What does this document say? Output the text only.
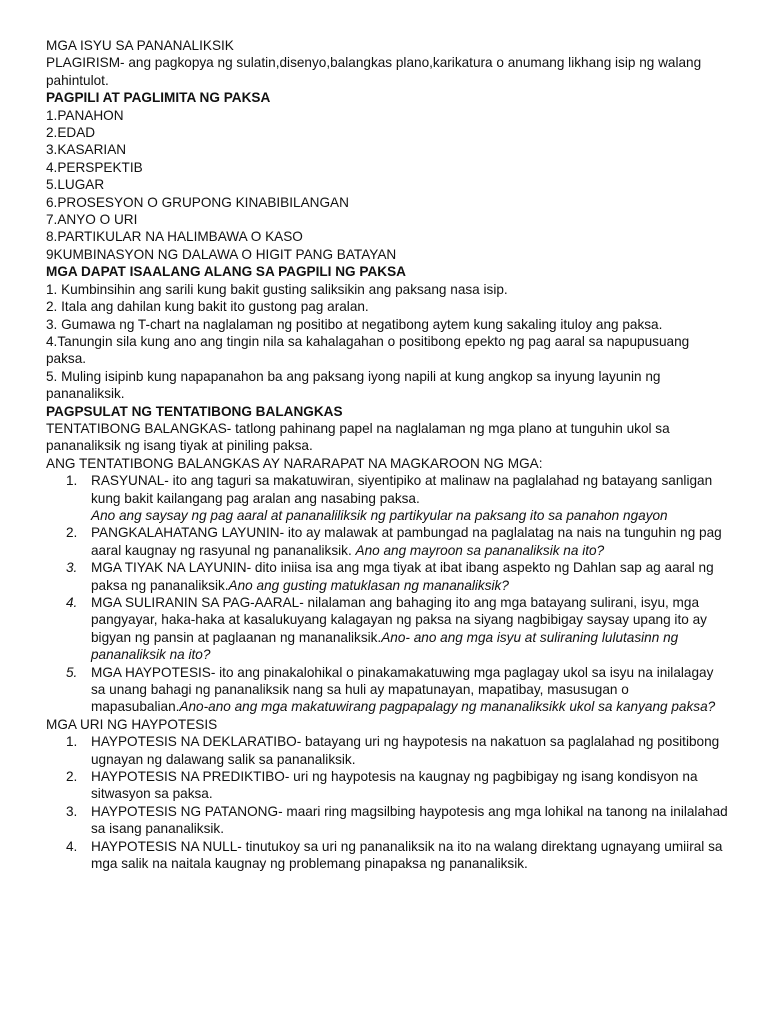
MGA ISYU SA PANANALIKSIK
PLAGIRISM- ang pagkopya ng sulatin,disenyo,balangkas plano,karikatura o anumang likhang isip ng walang pahintulot.
PAGPILI AT PAGLIMITA NG PAKSA
1.PANAHON
2.EDAD
3.KASARIAN
4.PERSPEKTIB
5.LUGAR
6.PROSESYON O GRUPONG KINABIBILANGAN
7.ANYO O URI
8.PARTIKULAR NA HALIMBAWA O KASO
9KUMBINASYON NG DALAWA O HIGIT PANG BATAYAN
MGA DAPAT ISAALANG ALANG SA PAGPILI NG PAKSA
1. Kumbinsihin ang sarili kung bakit gusting saliksikin ang paksang nasa isip.
2. Itala ang dahilan kung bakit ito gustong pag aralan.
3. Gumawa ng T-chart na naglalaman ng positibo at negatibong aytem kung sakaling ituloy ang paksa.
4.Tanungin sila kung ano ang tingin nila sa kahalagahan o positibong epekto ng pag aaral sa napupusuang paksa.
5. Muling isipinb kung napapanahon ba ang paksang iyong napili at kung angkop sa inyung layunin ng pananaliksik.
PAGPSULAT NG TENTATIBONG BALANGKAS
TENTATIBONG BALANGKAS- tatlong pahinang papel na naglalaman ng mga plano at tunguhin ukol sa pananaliksik ng isang tiyak at piniling paksa.
ANG TENTATIBONG BALANGKAS AY NARARAPAT NA MAGKAROON NG MGA:
1. RASYUNAL- ito ang taguri sa makatuwiran, siyentipiko at malinaw na paglalahad ng batayang sanligan kung bakit kailangang pag aralan ang nasabing paksa.
Ano ang saysay ng pag aaral at pananaliliksik ng partikyular na paksang ito sa panahon ngayon
2. PANGKALAHATANG LAYUNIN- ito ay malawak at pambungad na paglalatag na nais na tunguhin ng pag aaral kaugnay ng rasyunal ng pananaliksik. Ano ang mayroon sa pananaliksik na ito?
3. MGA TIYAK NA LAYUNIN- dito iniisa isa ang mga tiyak at ibat ibang aspekto ng Dahlan sap ag aaral ng paksa ng pananaliksik.Ano ang gusting matuklasan ng mananaliksik?
4. MGA SULIRANIN SA PAG-AARAL- nilalaman ang bahaging ito ang mga batayang sulirani, isyu, mga pangyayar, haka-haka at kasalukuyang kalagayan ng paksa na siyang nagbibigay saysay upang ito ay bigyan ng pansin at paglaanan ng mananaliksik.Ano- ano ang mga isyu at suliraning lulutasinn ng pananaliksik na ito?
5. MGA HAYPOTESIS- ito ang pinakalohikal o pinakamakatuwing mga paglagay ukol sa isyu na inilalagay sa unang bahagi ng pananaliksik nang sa huli ay mapatunayan, mapatibay, masusugan o mapasubalian.Ano-ano ang mga makatuwirang pagpapalagy ng mananaliksikk ukol sa kanyang paksa?
MGA URI NG HAYPOTESIS
1. HAYPOTESIS NA DEKLARATIBO- batayang uri ng haypotesis na nakatuon sa paglalahad ng positibong ugnayan ng dalawang salik sa pananaliksik.
2. HAYPOTESIS NA PREDIKTIBO- uri ng haypotesis na kaugnay ng pagbibigay ng isang kondisyon na sitwasyon sa paksa.
3. HAYPOTESIS NG PATANONG- maari ring magsilbing haypotesis ang mga lohikal na tanong na inilalahad sa isang pananaliksik.
4. HAYPOTESIS NA NULL- tinutukoy sa uri ng pananaliksik na ito na walang direktang ugnayang umiiral sa mga salik na naitala kaugnay ng problemang pinapaksa ng pananaliksik.
